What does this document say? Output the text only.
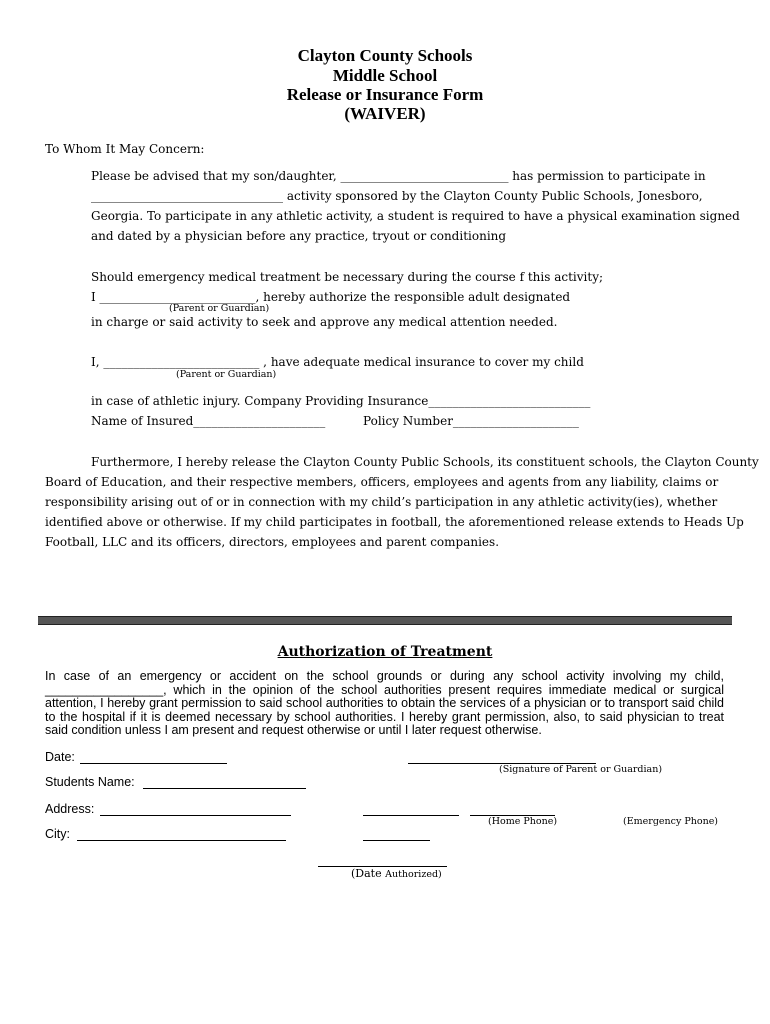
Clayton County Schools
Middle School
Release or Insurance Form
(WAIVER)
To Whom It May Concern:
Please be advised that my son/daughter, ____________________________ has permission to participate in
________________________________ activity sponsored by the Clayton County Public Schools, Jonesboro,
Georgia. To participate in any athletic activity, a student is required to have a physical examination signed
and dated by a physician before any practice, tryout or conditioning
Should emergency medical treatment be necessary during the course f this activity;
I __________________________, hereby authorize the responsible adult designated
(Parent or Guardian)
in charge or said activity to seek and approve any medical attention needed.
I, __________________________ , have adequate medical insurance to cover my child
(Parent or Guardian)
in case of athletic injury. Company Providing Insurance___________________________
Name of Insured______________________	Policy Number_____________________
Furthermore, I hereby release the Clayton County Public Schools, its constituent schools, the Clayton County
Board of Education, and their respective members, officers, employees and agents from any liability, claims or
responsibility arising out of or in connection with my child’s participation in any athletic activity(ies), whether
identified above or otherwise. If my child participates in football, the aforementioned release extends to Heads Up
Football, LLC and its officers, directors, employees and parent companies.
Authorization of Treatment
In case of an emergency or accident on the school grounds or during any school activity involving my child, _________________, which in the opinion of the school authorities present requires immediate medical or surgical attention, I hereby grant permission to said school authorities to obtain the services of a physician or to transport said child to the hospital if it is deemed necessary by school authorities. I hereby grant permission, also, to said physician to treat said condition unless I am present and request otherwise or until I later request otherwise.
Date:
(Signature of Parent or Guardian)
Students Name:
Address:
(Home Phone)	(Emergency Phone)
City:
(Date Authorized)
